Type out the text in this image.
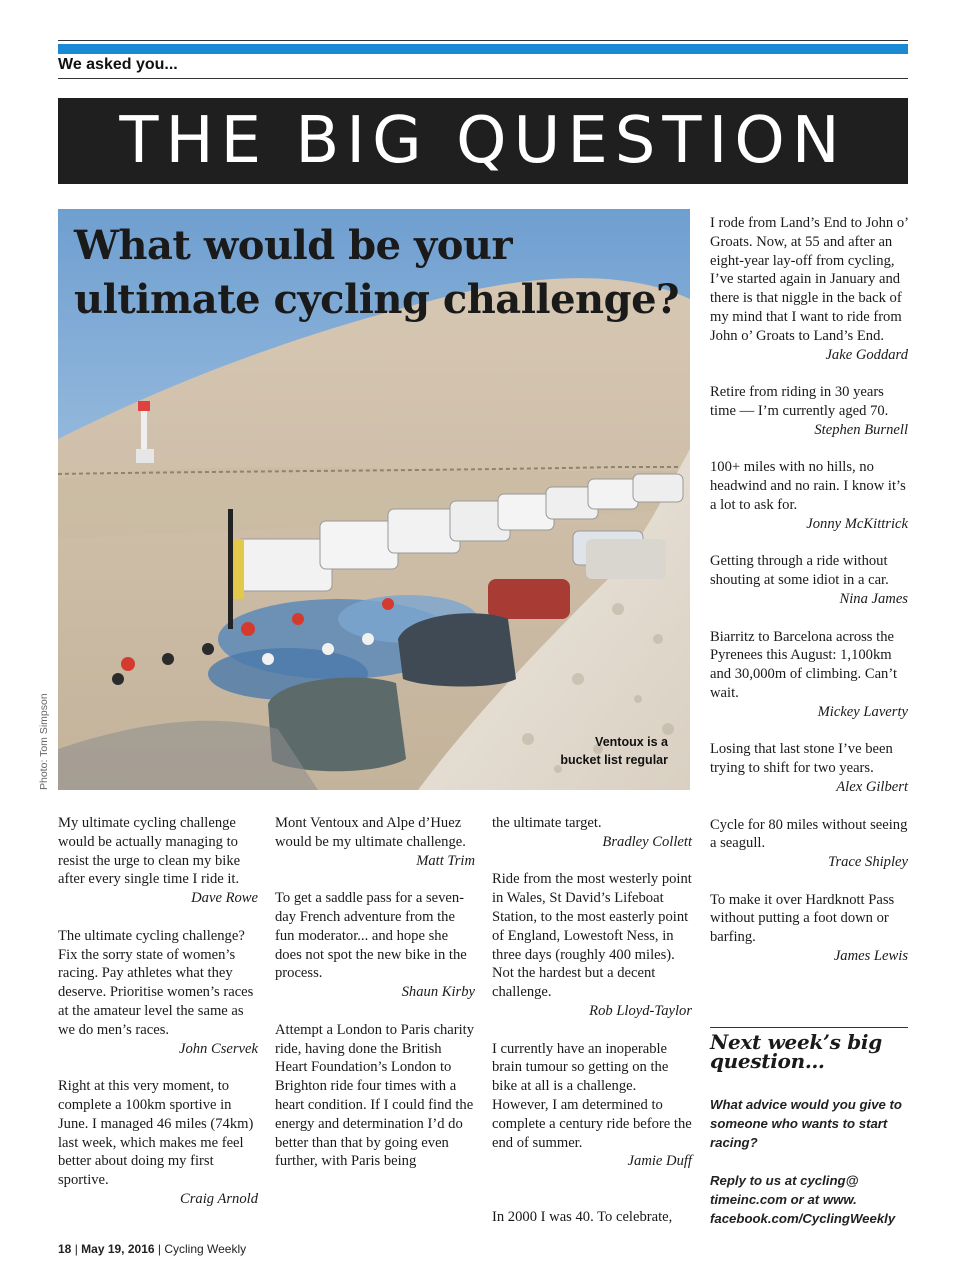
We asked you...
THE BIG QUESTION
What would be your
ultimate cycling challenge?
Ventoux is a
bucket list regular
Photo: Tom Simpson
My ultimate cycling challenge would be actually managing to resist the urge to clean my bike after every single time I ride it.
Dave Rowe
The ultimate cycling challenge? Fix the sorry state of women’s racing. Pay athletes what they deserve. Prioritise women’s races at the amateur level the same as we do men’s races.
John Cservek
Right at this very moment, to complete a 100km sportive in June. I managed 46 miles (74km) last week, which makes me feel better about doing my first sportive.
Craig Arnold
Mont Ventoux and Alpe d’Huez would be my ultimate challenge.
Matt Trim
To get a saddle pass for a seven-day French adventure from the fun moderator... and hope she does not spot the new bike in the process.
Shaun Kirby
Attempt a London to Paris charity ride, having done the British Heart Foundation’s London to Brighton ride four times with a heart condition. If I could find the energy and determination I’d do better than that by going even further, with Paris being
the ultimate target.
Bradley Collett
Ride from the most westerly point in Wales, St David’s Lifeboat Station, to the most easterly point of England, Lowestoft Ness, in three days (roughly 400 miles). Not the hardest but a decent challenge.
Rob Lloyd-Taylor
I currently have an inoperable brain tumour so getting on the bike at all is a challenge. However, I am determined to complete a century ride before the end of summer.
Jamie Duff
In 2000 I was 40. To celebrate,
I rode from Land’s End to John o’ Groats. Now, at 55 and after an eight-year lay-off from cycling, I’ve started again in January and there is that niggle in the back of my mind that I want to ride from John o’ Groats to Land’s End.
Jake Goddard
Retire from riding in 30 years time — I’m currently aged 70.
Stephen Burnell
100+ miles with no hills, no headwind and no rain. I know it’s a lot to ask for.
Jonny McKittrick
Getting through a ride without shouting at some idiot in a car.
Nina James
Biarritz to Barcelona across the Pyrenees this August: 1,100km and 30,000m of climbing. Can’t wait.
Mickey Laverty
Losing that last stone I’ve been trying to shift for two years.
Alex Gilbert
Cycle for 80 miles without seeing a seagull.
Trace Shipley
To make it over Hardknott Pass without putting a foot down or barfing.
James Lewis
Next week’s big
question…
What advice would you give to someone who wants to start racing?
Reply to us at cycling@ timeinc.com or at www. facebook.com/CyclingWeekly
18 | May 19, 2016 | Cycling Weekly
